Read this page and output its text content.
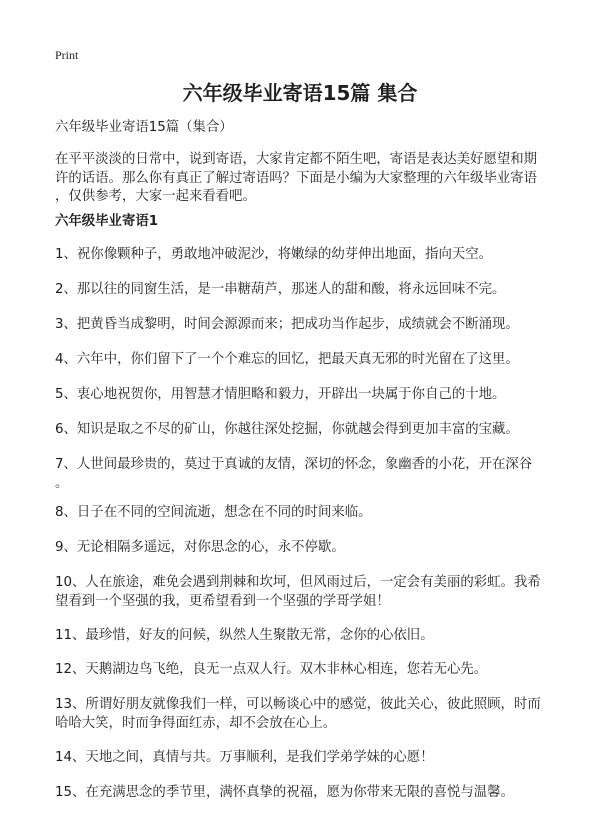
Print
六年级毕业寄语15篇 集合
六年级毕业寄语15篇（集合）
在平平淡淡的日常中，说到寄语，大家肯定都不陌生吧，寄语是表达美好愿望和期
许的话语。那么你有真正了解过寄语吗？下面是小编为大家整理的六年级毕业寄语
，仅供参考，大家一起来看看吧。
六年级毕业寄语1
1、祝你像颗种子，勇敢地冲破泥沙，将嫩绿的幼芽伸出地面，指向天空。
2、那以往的同窗生活，是一串糖葫芦，那迷人的甜和酸，将永远回味不完。
3、把黄昏当成黎明，时间会源源而来；把成功当作起步，成绩就会不断涌现。
4、六年中，你们留下了一个个难忘的回忆，把最天真无邪的时光留在了这里。
5、衷心地祝贺你，用智慧才情胆略和毅力，开辟出一块属于你自己的十地。
6、知识是取之不尽的矿山，你越往深处挖掘，你就越会得到更加丰富的宝藏。
7、人世间最珍贵的，莫过于真诚的友情，深切的怀念，象幽香的小花，开在深谷
。
8、日子在不同的空间流逝，想念在不同的时间来临。
9、无论相隔多遥远，对你思念的心，永不停歇。
10、人在旅途，难免会遇到荆棘和坎坷，但风雨过后，一定会有美丽的彩虹。我希
望看到一个坚强的我，更希望看到一个坚强的学哥学姐！
11、最珍惜，好友的问候，纵然人生聚散无常，念你的心依旧。
12、天鹅湖边鸟飞绝，良无一点双人行。双木非林心相连，您若无心先。
13、所谓好朋友就像我们一样，可以畅谈心中的感觉，彼此关心，彼此照顾，时而
哈哈大笑，时而争得面红赤，却不会放在心上。
14、天地之间，真情与共。万事顺利，是我们学弟学妹的心愿！
15、在充满思念的季节里，满怀真挚的祝福，愿为你带来无限的喜悦与温馨。
